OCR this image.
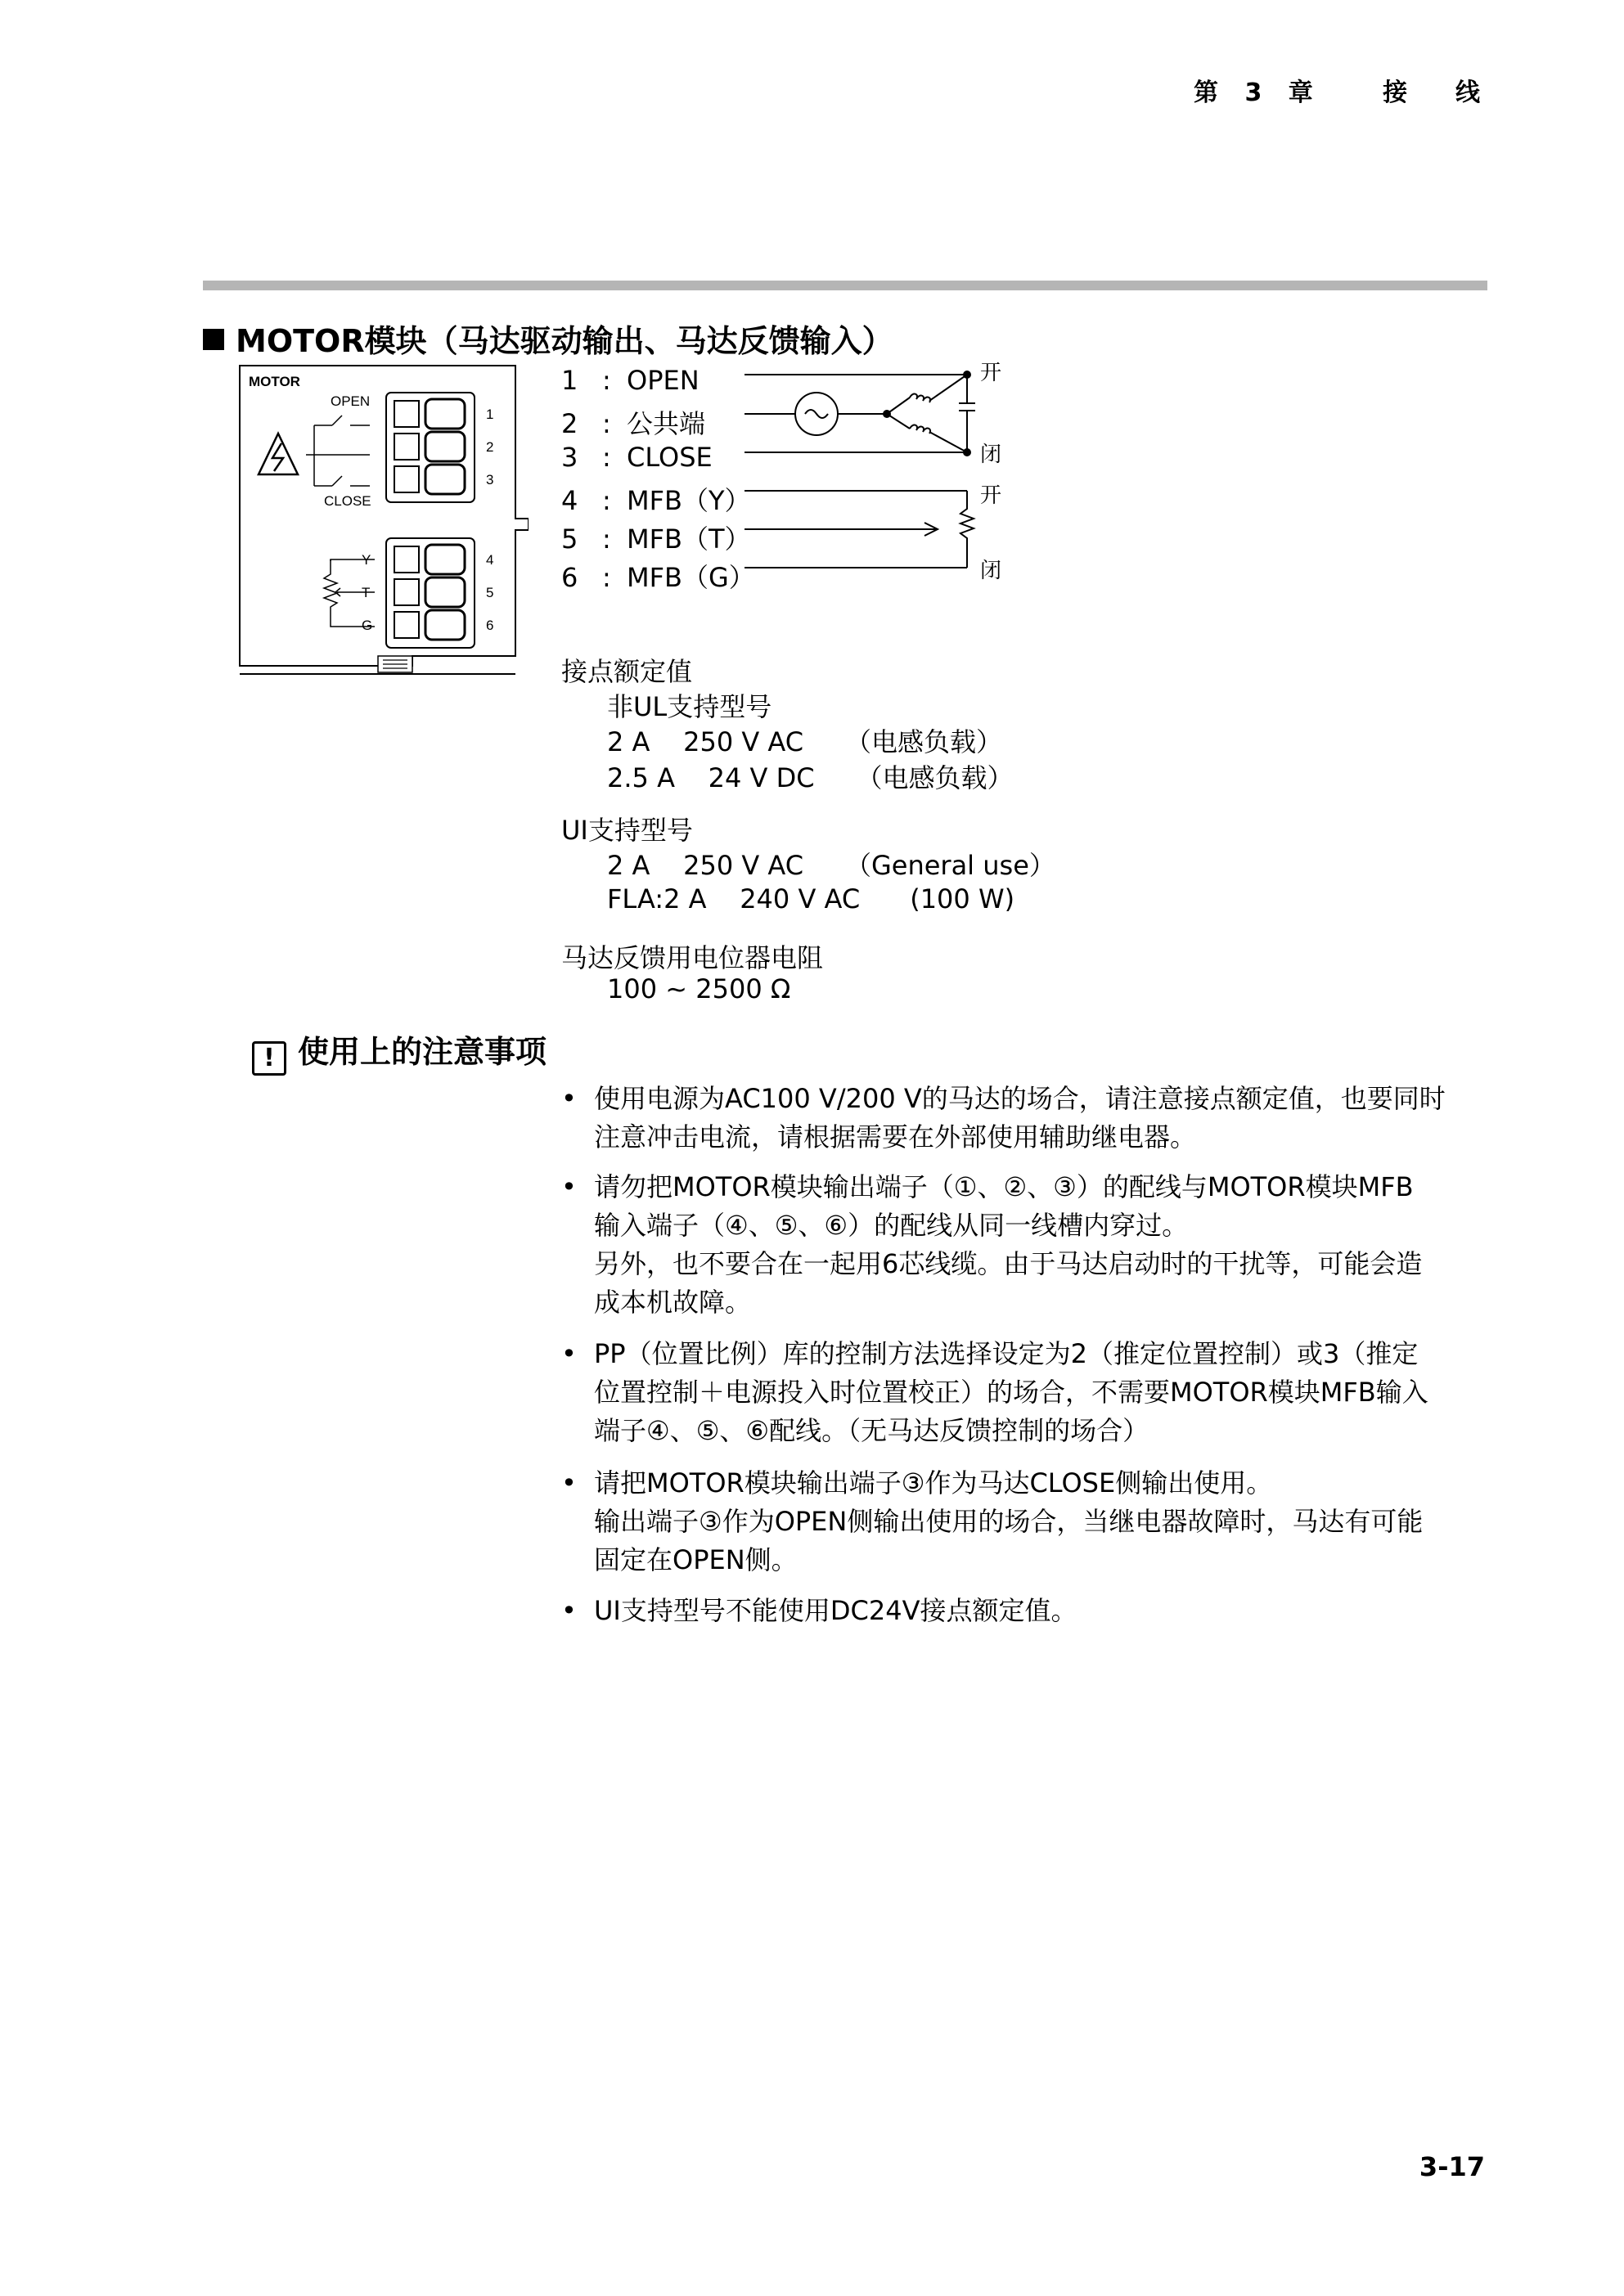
第 3 章   接  线
MOTOR模块（马达驱动输出、马达反馈输入）
MOTOR
OPEN
CLOSE
1
2
3
4
5
6
Y
T
G
1 : OPEN
2 : 公共端
3 : CLOSE
4 : MFB（Y）
5 : MFB（T）
6 : MFB（G）
开
闭
开
闭
接点额定值
非UL支持型号
2 A    250 V AC     （电感负载）
2.5 A    24 V DC     （电感负载）
UI支持型号
2 A    250 V AC     （General use）
FLA:2 A    240 V AC      (100 W)
马达反馈用电位器电阻
100 ~ 2500 Ω
! 使用上的注意事项
• 使用电源为AC100 V/200 V的马达的场合，请注意接点额定值，也要同时
注意冲击电流，请根据需要在外部使用辅助继电器。
• 请勿把MOTOR模块输出端子（①、②、③）的配线与MOTOR模块MFB
输入端子（④、⑤、⑥）的配线从同一线槽内穿过。
另外，也不要合在一起用6芯线缆。由于马达启动时的干扰等，可能会造
成本机故障。
• PP（位置比例）库的控制方法选择设定为2（推定位置控制）或3（推定
位置控制＋电源投入时位置校正）的场合，不需要MOTOR模块MFB输入
端子④、⑤、⑥配线。（无马达反馈控制的场合）
• 请把MOTOR模块输出端子③作为马达CLOSE侧输出使用。
输出端子③作为OPEN侧输出使用的场合，当继电器故障时，马达有可能
固定在OPEN侧。
• UI支持型号不能使用DC24V接点额定值。
3-17
